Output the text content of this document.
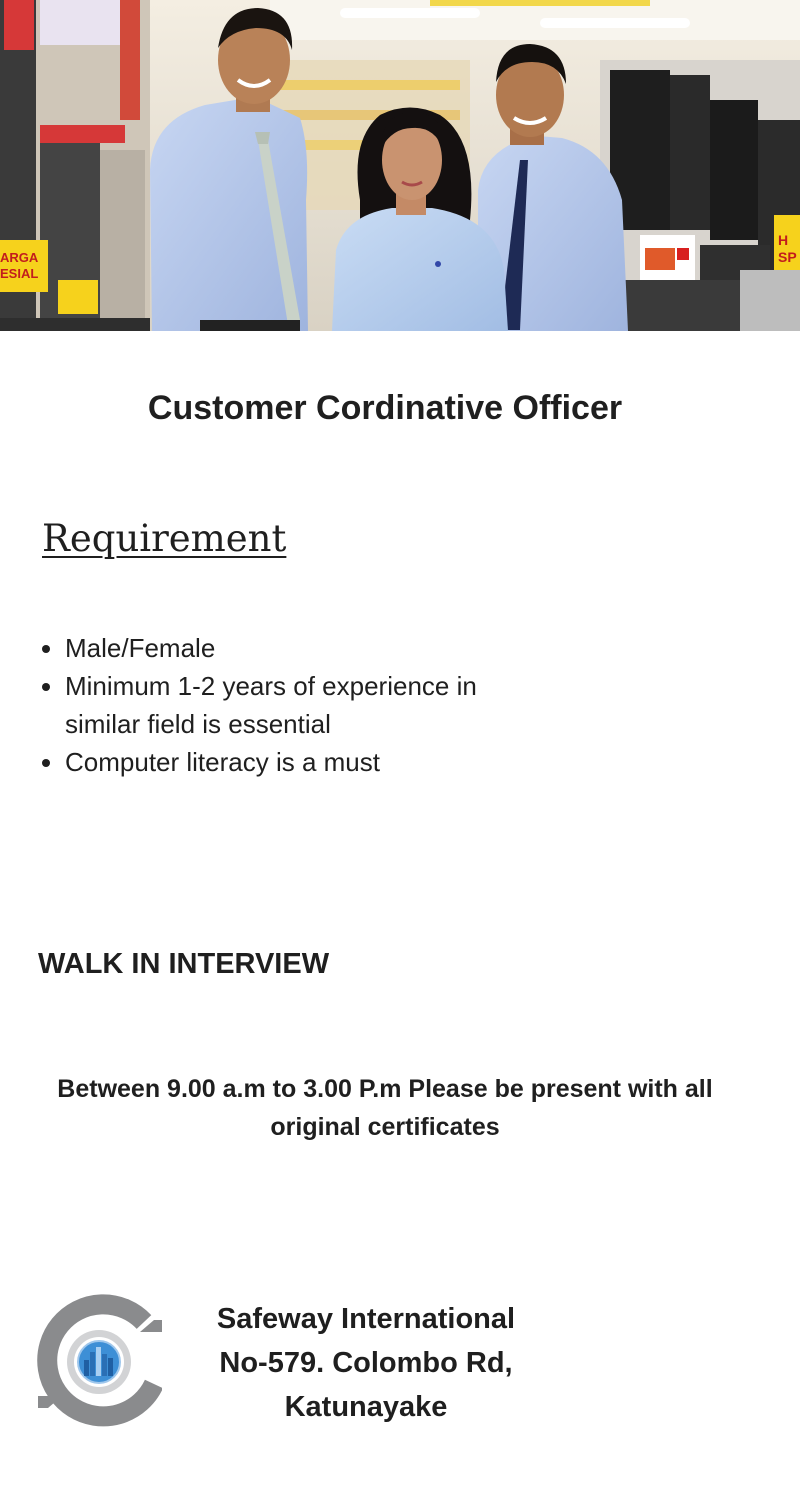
ARGA
ESIAL
H
SP
Customer Cordinative Officer
Requirement
• Male/Female
• Minimum 1-2 years of experience in similar field is essential
• Computer literacy is a must
WALK IN INTERVIEW

Between 9.00 a.m to 3.00 P.m Please be present with all original certificates

Safeway International
No-579. Colombo Rd,
Katunayake
